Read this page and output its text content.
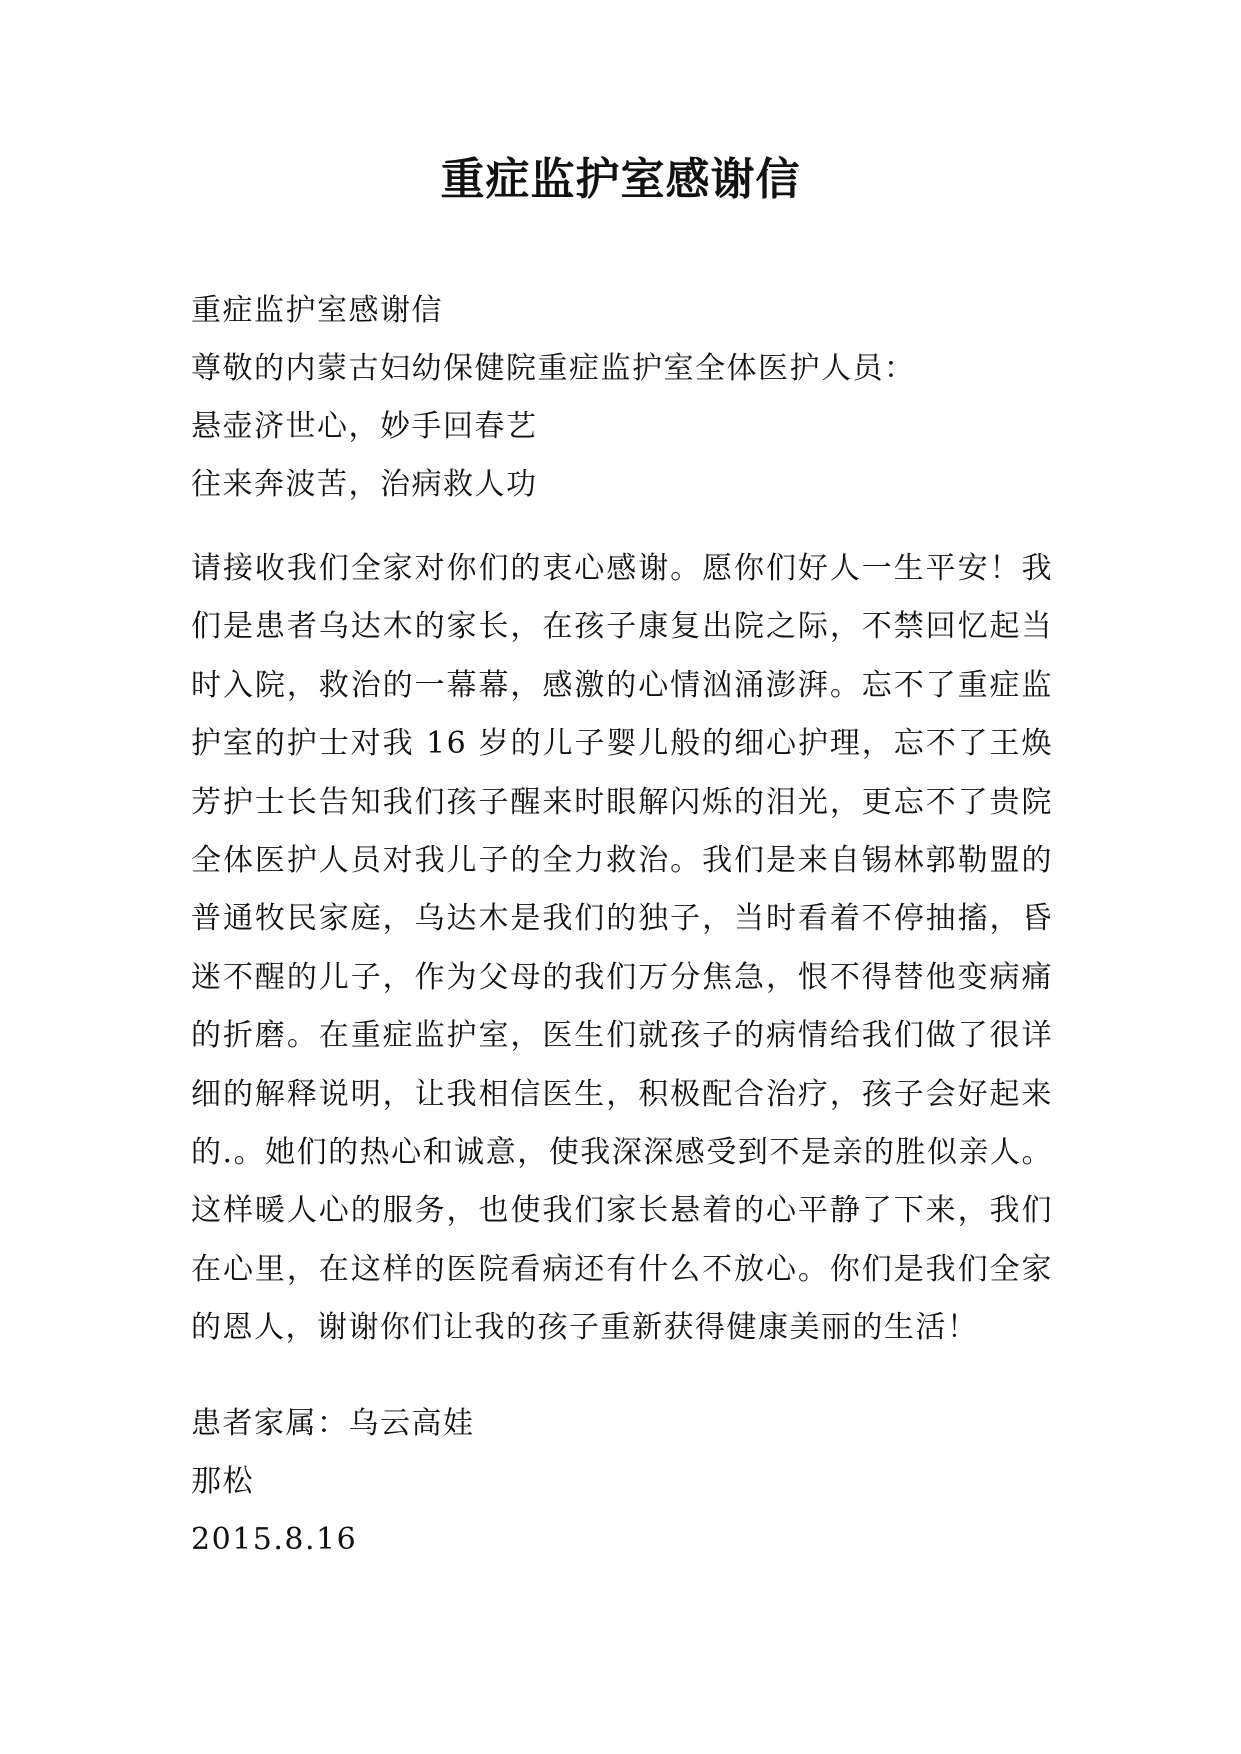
重症监护室感谢信
重症监护室感谢信
尊敬的内蒙古妇幼保健院重症监护室全体医护人员：
悬壶济世心，妙手回春艺
往来奔波苦，治病救人功

请接收我们全家对你们的衷心感谢。愿你们好人一生平安！我们是患者乌达木的家长，在孩子康复出院之际，不禁回忆起当时入院，救治的一幕幕，感激的心情汹涌澎湃。忘不了重症监护室的护士对我 16 岁的儿子婴儿般的细心护理，忘不了王焕芳护士长告知我们孩子醒来时眼解闪烁的泪光，更忘不了贵院全体医护人员对我儿子的全力救治。我们是来自锡林郭勒盟的普通牧民家庭，乌达木是我们的独子，当时看着不停抽搐，昏迷不醒的儿子，作为父母的我们万分焦急，恨不得替他变病痛的折磨。在重症监护室，医生们就孩子的病情给我们做了很详细的解释说明，让我相信医生，积极配合治疗，孩子会好起来的.。她们的热心和诚意，使我深深感受到不是亲的胜似亲人。这样暖人心的服务，也使我们家长悬着的心平静了下来，我们在心里，在这样的医院看病还有什么不放心。你们是我们全家的恩人，谢谢你们让我的孩子重新获得健康美丽的生活！

患者家属：乌云高娃
那松
2015.8.16
